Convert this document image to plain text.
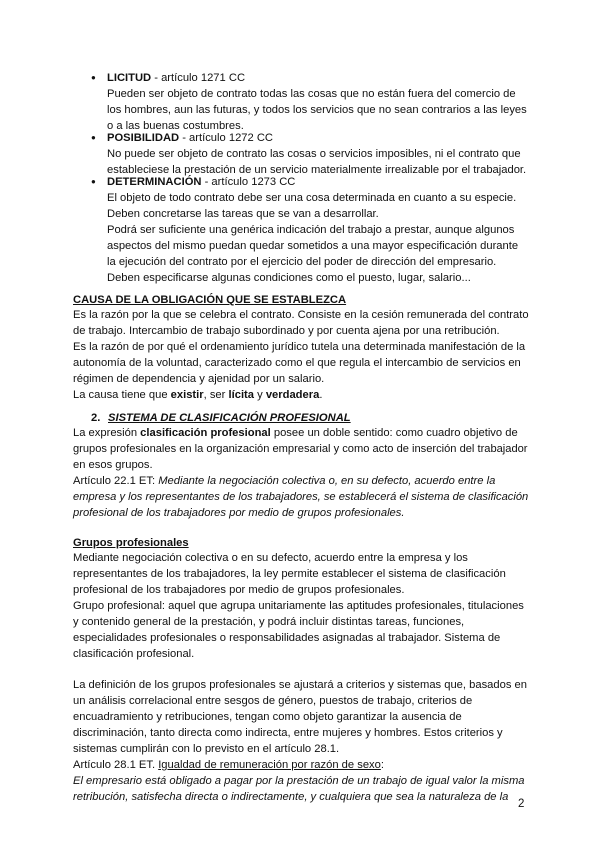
● LICITUD - artículo 1271 CC
Pueden ser objeto de contrato todas las cosas que no están fuera del comercio de
los hombres, aun las futuras, y todos los servicios que no sean contrarios a las leyes
o a las buenas costumbres.
● POSIBILIDAD - artículo 1272 CC
No puede ser objeto de contrato las cosas o servicios imposibles, ni el contrato que
estableciese la prestación de un servicio materialmente irrealizable por el trabajador.
● DETERMINACIÓN - artículo 1273 CC
El objeto de todo contrato debe ser una cosa determinada en cuanto a su especie.
Deben concretarse las tareas que se van a desarrollar.
Podrá ser suficiente una genérica indicación del trabajo a prestar, aunque algunos
aspectos del mismo puedan quedar sometidos a una mayor especificación durante
la ejecución del contrato por el ejercicio del poder de dirección del empresario.
Deben especificarse algunas condiciones como el puesto, lugar, salario...
CAUSA DE LA OBLIGACIÓN QUE SE ESTABLEZCA
Es la razón por la que se celebra el contrato. Consiste en la cesión remunerada del contrato
de trabajo. Intercambio de trabajo subordinado y por cuenta ajena por una retribución.
Es la razón de por qué el ordenamiento jurídico tutela una determinada manifestación de la
autonomía de la voluntad, caracterizado como el que regula el intercambio de servicios en
régimen de dependencia y ajenidad por un salario.
La causa tiene que existir, ser lícita y verdadera.
2. SISTEMA DE CLASIFICACIÓN PROFESIONAL
La expresión clasificación profesional posee un doble sentido: como cuadro objetivo de
grupos profesionales en la organización empresarial y como acto de inserción del trabajador
en esos grupos.
Artículo 22.1 ET: Mediante la negociación colectiva o, en su defecto, acuerdo entre la
empresa y los representantes de los trabajadores, se establecerá el sistema de clasificación
profesional de los trabajadores por medio de grupos profesionales.
Grupos profesionales
Mediante negociación colectiva o en su defecto, acuerdo entre la empresa y los
representantes de los trabajadores, la ley permite establecer el sistema de clasificación
profesional de los trabajadores por medio de grupos profesionales.
Grupo profesional: aquel que agrupa unitariamente las aptitudes profesionales, titulaciones
y contenido general de la prestación, y podrá incluir distintas tareas, funciones,
especialidades profesionales o responsabilidades asignadas al trabajador. Sistema de
clasificación profesional.
La definición de los grupos profesionales se ajustará a criterios y sistemas que, basados en
un análisis correlacional entre sesgos de género, puestos de trabajo, criterios de
encuadramiento y retribuciones, tengan como objeto garantizar la ausencia de
discriminación, tanto directa como indirecta, entre mujeres y hombres. Estos criterios y
sistemas cumplirán con lo previsto en el artículo 28.1.
Artículo 28.1 ET. Igualdad de remuneración por razón de sexo:
El empresario está obligado a pagar por la prestación de un trabajo de igual valor la misma
retribución, satisfecha directa o indirectamente, y cualquiera que sea la naturaleza de la
2
